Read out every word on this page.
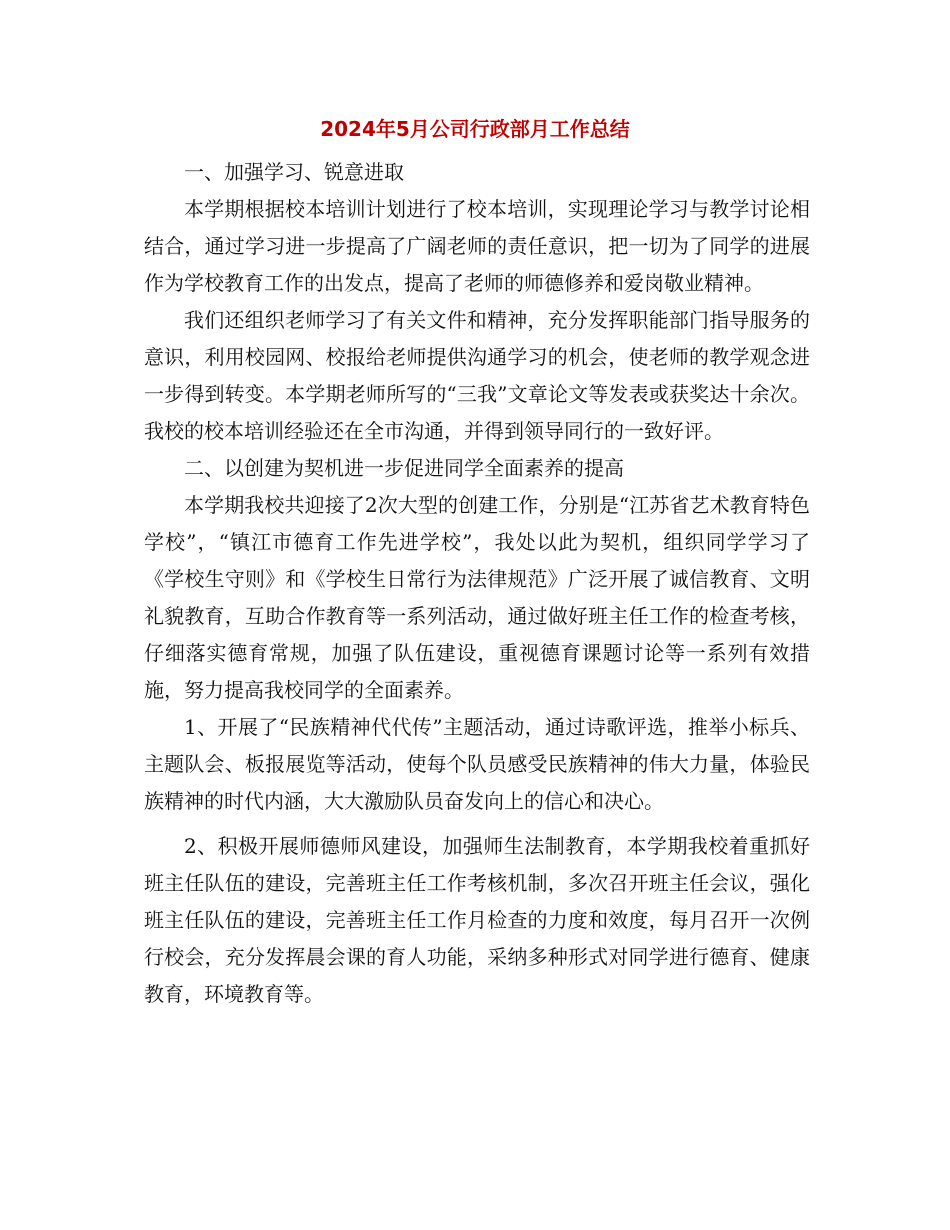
2024年5月公司行政部月工作总结

一、加强学习、锐意进取

本学期根据校本培训计划进行了校本培训，实现理论学习与教学讨论相结合，通过学习进一步提高了广阔老师的责任意识，把一切为了同学的进展作为学校教育工作的出发点，提高了老师的师德修养和爱岗敬业精神。

我们还组织老师学习了有关文件和精神，充分发挥职能部门指导服务的意识，利用校园网、校报给老师提供沟通学习的机会，使老师的教学观念进一步得到转变。本学期老师所写的“三我”文章论文等发表或获奖达十余次。我校的校本培训经验还在全市沟通，并得到领导同行的一致好评。

二、以创建为契机进一步促进同学全面素养的提高

本学期我校共迎接了2次大型的创建工作，分别是“江苏省艺术教育特色学校”，“镇江市德育工作先进学校”，我处以此为契机，组织同学学习了《学校生守则》和《学校生日常行为法律规范》广泛开展了诚信教育、文明礼貌教育，互助合作教育等一系列活动，通过做好班主任工作的检查考核，仔细落实德育常规，加强了队伍建设，重视德育课题讨论等一系列有效措施，努力提高我校同学的全面素养。

1、开展了“民族精神代代传”主题活动，通过诗歌评选，推举小标兵、主题队会、板报展览等活动，使每个队员感受民族精神的伟大力量，体验民族精神的时代内涵，大大激励队员奋发向上的信心和决心。

2、积极开展师德师风建设，加强师生法制教育，本学期我校着重抓好班主任队伍的建设，完善班主任工作考核机制，多次召开班主任会议，强化班主任队伍的建设，完善班主任工作月检查的力度和效度，每月召开一次例行校会，充分发挥晨会课的育人功能，采纳多种形式对同学进行德育、健康教育，环境教育等。
